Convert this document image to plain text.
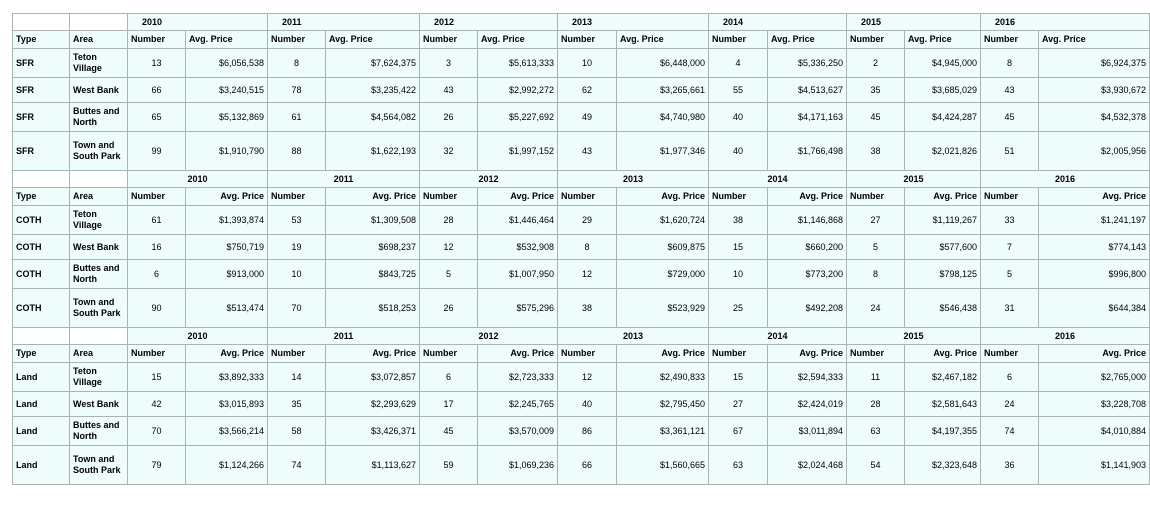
		2010		2011		2012		2013		2014		2015		2016	
Type	Area	Number	Avg. Price	Number	Avg. Price	Number	Avg. Price	Number	Avg. Price	Number	Avg. Price	Number	Avg. Price	Number	Avg. Price
SFR	Teton Village	13	$6,056,538	8	$7,624,375	3	$5,613,333	10	$6,448,000	4	$5,336,250	2	$4,945,000	8	$6,924,375
SFR	West Bank	66	$3,240,515	78	$3,235,422	43	$2,992,272	62	$3,265,661	55	$4,513,627	35	$3,685,029	43	$3,930,672
SFR	Buttes and North	65	$5,132,869	61	$4,564,082	26	$5,227,692	49	$4,740,980	40	$4,171,163	45	$4,424,287	45	$4,532,378
SFR	Town and South Park	99	$1,910,790	88	$1,622,193	32	$1,997,152	43	$1,977,346	40	$1,766,498	38	$2,021,826	51	$2,005,956
		2010		2011		2012		2013		2014		2015		2016	
Type	Area	Number	Avg. Price	Number	Avg. Price	Number	Avg. Price	Number	Avg. Price	Number	Avg. Price	Number	Avg. Price	Number	Avg. Price
COTH	Teton Village	61	$1,393,874	53	$1,309,508	28	$1,446,464	29	$1,620,724	38	$1,146,868	27	$1,119,267	33	$1,241,197
COTH	West Bank	16	$750,719	19	$698,237	12	$532,908	8	$609,875	15	$660,200	5	$577,600	7	$774,143
COTH	Buttes and North	6	$913,000	10	$843,725	5	$1,007,950	12	$729,000	10	$773,200	8	$798,125	5	$996,800
COTH	Town and South Park	90	$513,474	70	$518,253	26	$575,296	38	$523,929	25	$492,208	24	$546,438	31	$644,384
		2010		2011		2012		2013		2014		2015		2016	
Type	Area	Number	Avg. Price	Number	Avg. Price	Number	Avg. Price	Number	Avg. Price	Number	Avg. Price	Number	Avg. Price	Number	Avg. Price
Land	Teton Village	15	$3,892,333	14	$3,072,857	6	$2,723,333	12	$2,490,833	15	$2,594,333	11	$2,467,182	6	$2,765,000
Land	West Bank	42	$3,015,893	35	$2,293,629	17	$2,245,765	40	$2,795,450	27	$2,424,019	28	$2,581,643	24	$3,228,708
Land	Buttes and North	70	$3,566,214	58	$3,426,371	45	$3,570,009	86	$3,361,121	67	$3,011,894	63	$4,197,355	74	$4,010,884
Land	Town and South Park	79	$1,124,266	74	$1,113,627	59	$1,069,236	66	$1,560,665	63	$2,024,468	54	$2,323,648	36	$1,141,903
